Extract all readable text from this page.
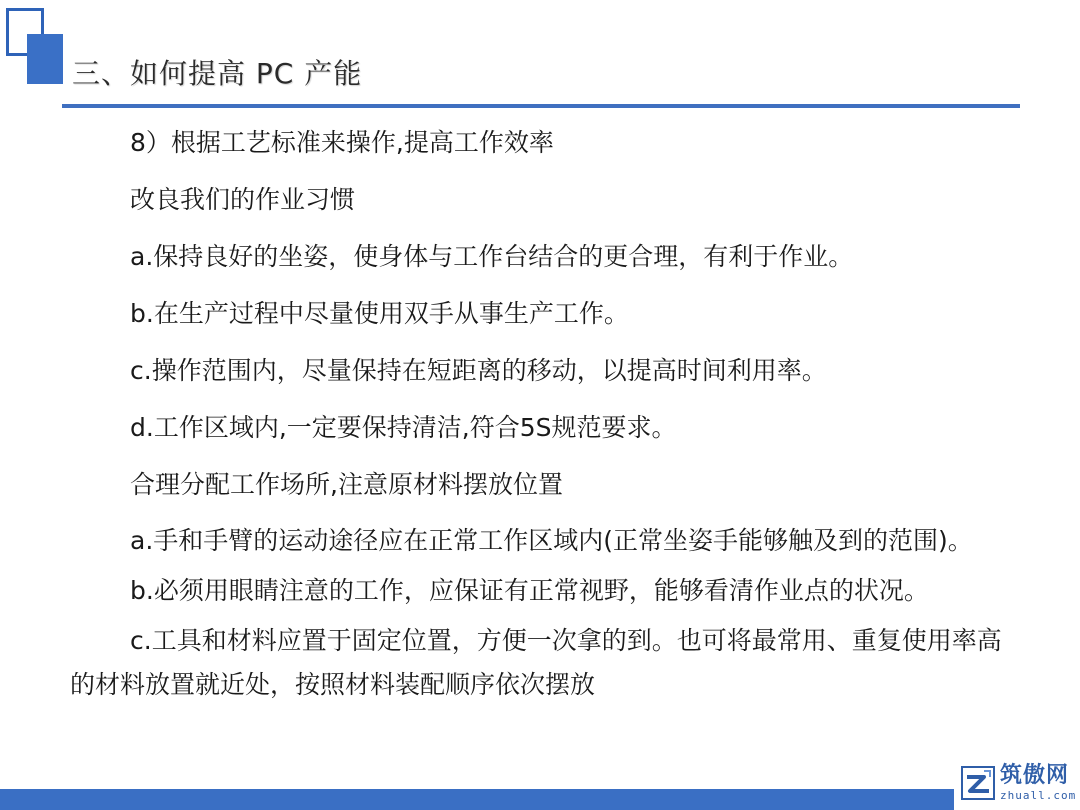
三、如何提高 PC 产能

8）根据工艺标准来操作,提高工作效率

改良我们的作业习惯

a.保持良好的坐姿，使身体与工作台结合的更合理，有利于作业。

b.在生产过程中尽量使用双手从事生产工作。

c.操作范围内，尽量保持在短距离的移动，以提高时间利用率。

d.工作区域内,一定要保持清洁,符合5S规范要求。

合理分配工作场所,注意原材料摆放位置

a.手和手臂的运动途径应在正常工作区域内(正常坐姿手能够触及到的范围)。

b.必须用眼睛注意的工作，应保证有正常视野，能够看清作业点的状况。

c.工具和材料应置于固定位置，方便一次拿的到。也可将最常用、重复使用率高的材料放置就近处，按照材料装配顺序依次摆放

筑傲网
zhuall.com
